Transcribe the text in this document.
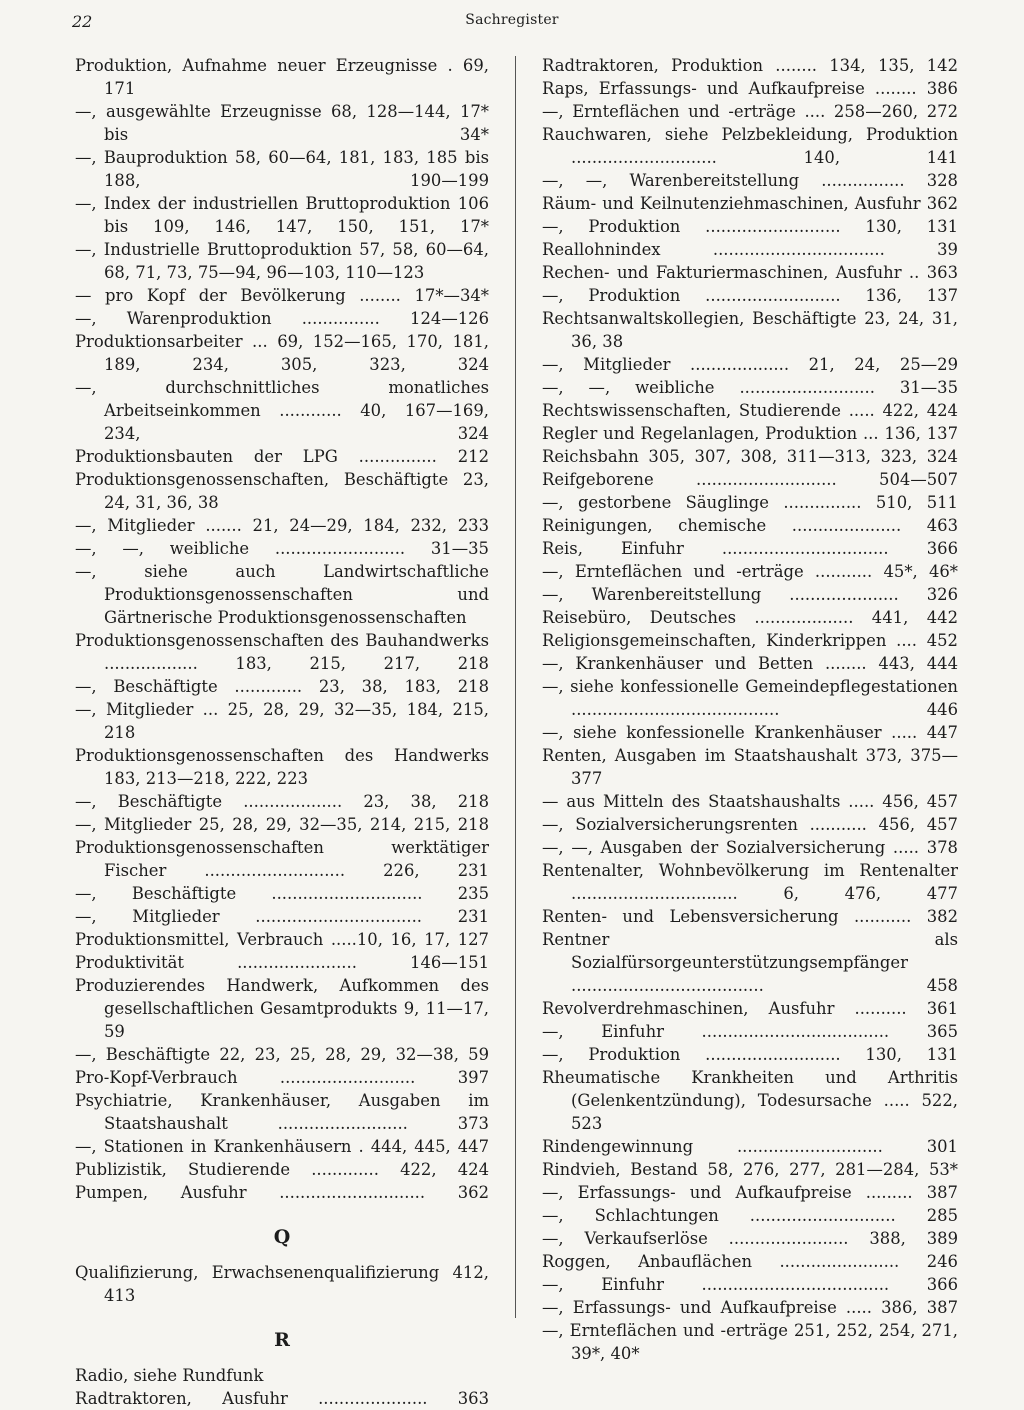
22	Sachregister
Produktion, Aufnahme neuer Erzeugnisse . 69, 171
—, ausgewählte Erzeugnisse 68, 128—144, 17* bis 34*
—, Bauproduktion 58, 60—64, 181, 183, 185 bis 188, 190—199
—, Index der industriellen Bruttoproduktion 106 bis 109, 146, 147, 150, 151, 17*
—, Industrielle Bruttoproduktion 57, 58, 60—64, 68, 71, 73, 75—94, 96—103, 110—123
— pro Kopf der Bevölkerung ........ 17*—34*
—, Warenproduktion ............... 124—126
Produktionsarbeiter ... 69, 152—165, 170, 181, 189, 234, 305, 323, 324
—, durchschnittliches monatliches Arbeitseinkommen ............ 40, 167—169, 234, 324
Produktionsbauten der LPG ............... 212
Produktionsgenossenschaften, Beschäftigte 23, 24, 31, 36, 38
—, Mitglieder ....... 21, 24—29, 184, 232, 233
—, —, weibliche ......................... 31—35
—, siehe auch Landwirtschaftliche Produktionsgenossenschaften und Gärtnerische Produktionsgenossenschaften
Produktionsgenossenschaften des Bauhandwerks .................. 183, 215, 217, 218
—, Beschäftigte ............. 23, 38, 183, 218
—, Mitglieder ... 25, 28, 29, 32—35, 184, 215, 218
Produktionsgenossenschaften des Handwerks 183, 213—218, 222, 223
—, Beschäftigte ................... 23, 38, 218
—, Mitglieder 25, 28, 29, 32—35, 214, 215, 218
Produktionsgenossenschaften werktätiger Fischer ........................... 226, 231
—, Beschäftigte ............................. 235
—, Mitglieder ................................ 231
Produktionsmittel, Verbrauch .....10, 16, 17, 127
Produktivität ....................... 146—151
Produzierendes Handwerk, Aufkommen des gesellschaftlichen Gesamtprodukts 9, 11—17, 59
—, Beschäftigte 22, 23, 25, 28, 29, 32—38, 59
Pro-Kopf-Verbrauch .......................... 397
Psychiatrie, Krankenhäuser, Ausgaben im Staatshaushalt ......................... 373
—, Stationen in Krankenhäusern . 444, 445, 447
Publizistik, Studierende ............. 422, 424
Pumpen, Ausfuhr ............................ 362
Q
Qualifizierung, Erwachsenenqualifizierung 412, 413
R
Radio, siehe Rundfunk
Radtraktoren, Ausfuhr ..................... 363
Radtraktoren, Produktion ........ 134, 135, 142
Raps, Erfassungs- und Aufkaufpreise ........ 386
—, Ernteflächen und -erträge .... 258—260, 272
Rauchwaren, siehe Pelzbekleidung, Produktion ............................ 140, 141
—, —, Warenbereitstellung ................ 328
Räum- und Keilnutenziehmaschinen, Ausfuhr 362
—, Produktion .......................... 130, 131
Reallohnindex ................................. 39
Rechen- und Fakturiermaschinen, Ausfuhr .. 363
—, Produktion .......................... 136, 137
Rechtsanwaltskollegien, Beschäftigte 23, 24, 31, 36, 38
—, Mitglieder ................... 21, 24, 25—29
—, —, weibliche .......................... 31—35
Rechtswissenschaften, Studierende ..... 422, 424
Regler und Regelanlagen, Produktion ... 136, 137
Reichsbahn 305, 307, 308, 311—313, 323, 324
Reifgeborene ........................... 504—507
—, gestorbene Säuglinge ............... 510, 511
Reinigungen, chemische ..................... 463
Reis, Einfuhr ................................ 366
—, Ernteflächen und -erträge ........... 45*, 46*
—, Warenbereitstellung ..................... 326
Reisebüro, Deutsches ................... 441, 442
Religionsgemeinschaften, Kinderkrippen .... 452
—, Krankenhäuser und Betten ........ 443, 444
—, siehe konfessionelle Gemeindepflegestationen ........................................ 446
—, siehe konfessionelle Krankenhäuser ..... 447
Renten, Ausgaben im Staatshaushalt 373, 375—377
— aus Mitteln des Staatshaushalts ..... 456, 457
—, Sozialversicherungsrenten ........... 456, 457
—, —, Ausgaben der Sozialversicherung ..... 378
Rentenalter, Wohnbevölkerung im Rentenalter ................................ 6, 476, 477
Renten- und Lebensversicherung ........... 382
Rentner als Sozialfürsorgeunterstützungsempfänger ..................................... 458
Revolverdrehmaschinen, Ausfuhr .......... 361
—, Einfuhr .................................... 365
—, Produktion .......................... 130, 131
Rheumatische Krankheiten und Arthritis (Gelenkentzündung), Todesursache ..... 522, 523
Rindengewinnung ............................ 301
Rindvieh, Bestand 58, 276, 277, 281—284, 53*
—, Erfassungs- und Aufkaufpreise ......... 387
—, Schlachtungen ............................ 285
—, Verkaufserlöse ....................... 388, 389
Roggen, Anbauflächen ....................... 246
—, Einfuhr .................................... 366
—, Erfassungs- und Aufkaufpreise ..... 386, 387
—, Ernteflächen und -erträge 251, 252, 254, 271, 39*, 40*
